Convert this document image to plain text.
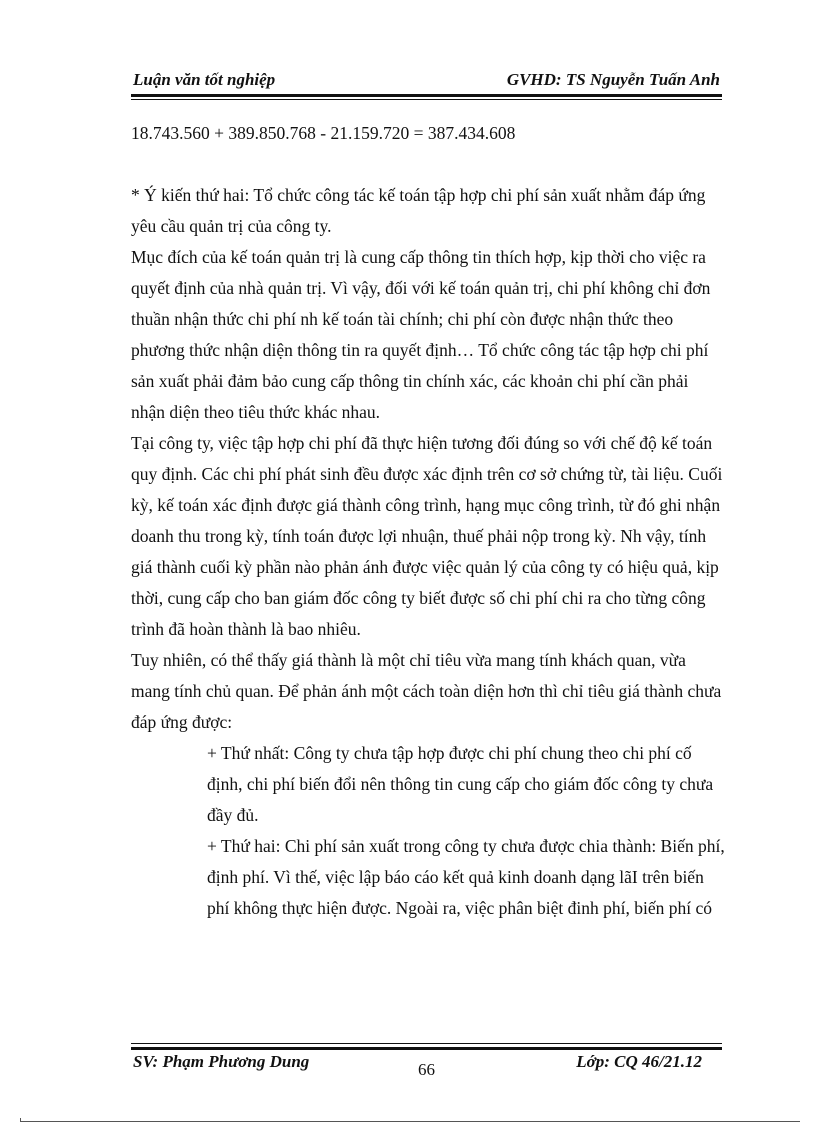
Luận văn tốt nghiệp	GVHD: TS Nguyễn Tuấn Anh

18.743.560 + 389.850.768 - 21.159.720 = 387.434.608

* Ý kiến thứ hai: Tổ chức công tác kế toán tập hợp chi phí sản xuất nhằm đáp ứng yêu cầu quản trị của công ty.

Mục đích của kế toán quản trị là cung cấp thông tin thích hợp, kịp thời cho việc ra quyết định của nhà quản trị. Vì vậy, đối với kế toán quản trị, chi phí không chỉ đơn thuần nhận thức chi phí nh kế toán tài chính; chi phí còn được nhận thức theo phương thức nhận diện thông tin ra quyết định… Tổ chức công tác tập hợp chi phí sản xuất phải đảm bảo cung cấp thông tin chính xác, các khoản chi phí cần phải nhận diện theo tiêu thức khác nhau.

Tại công ty, việc tập hợp chi phí đã thực hiện tương đối đúng so với chế độ kế toán quy định. Các chi phí phát sinh đều được xác định trên cơ sở chứng từ, tài liệu. Cuối kỳ, kế toán xác định được giá thành công trình, hạng mục công trình, từ đó ghi nhận doanh thu trong kỳ, tính toán được lợi nhuận, thuế phải nộp trong kỳ. Nh vậy, tính giá thành cuối kỳ phần nào phản ánh được việc quản lý của công ty có hiệu quả, kịp thời, cung cấp cho ban giám đốc công ty biết được số chi phí chi ra cho từng công trình đã hoàn thành là bao nhiêu.

Tuy nhiên, có thể thấy giá thành là một chỉ tiêu vừa mang tính khách quan, vừa mang tính chủ quan. Để phản ánh một cách toàn diện hơn thì chỉ tiêu giá thành chưa đáp ứng được:

+ Thứ nhất: Công ty chưa tập hợp được chi phí chung theo chi phí cố định, chi phí biến đổi nên thông tin cung cấp cho giám đốc công ty chưa đầy đủ.

+ Thứ hai: Chi phí sản xuất trong công ty chưa được chia thành: Biến phí, định phí. Vì thế, việc lập báo cáo kết quả kinh doanh dạng lãI trên biến phí không thực hiện được. Ngoài ra, việc phân biệt đinh phí, biến phí có

SV: Phạm Phương Dung	66	Lớp: CQ 46/21.12
